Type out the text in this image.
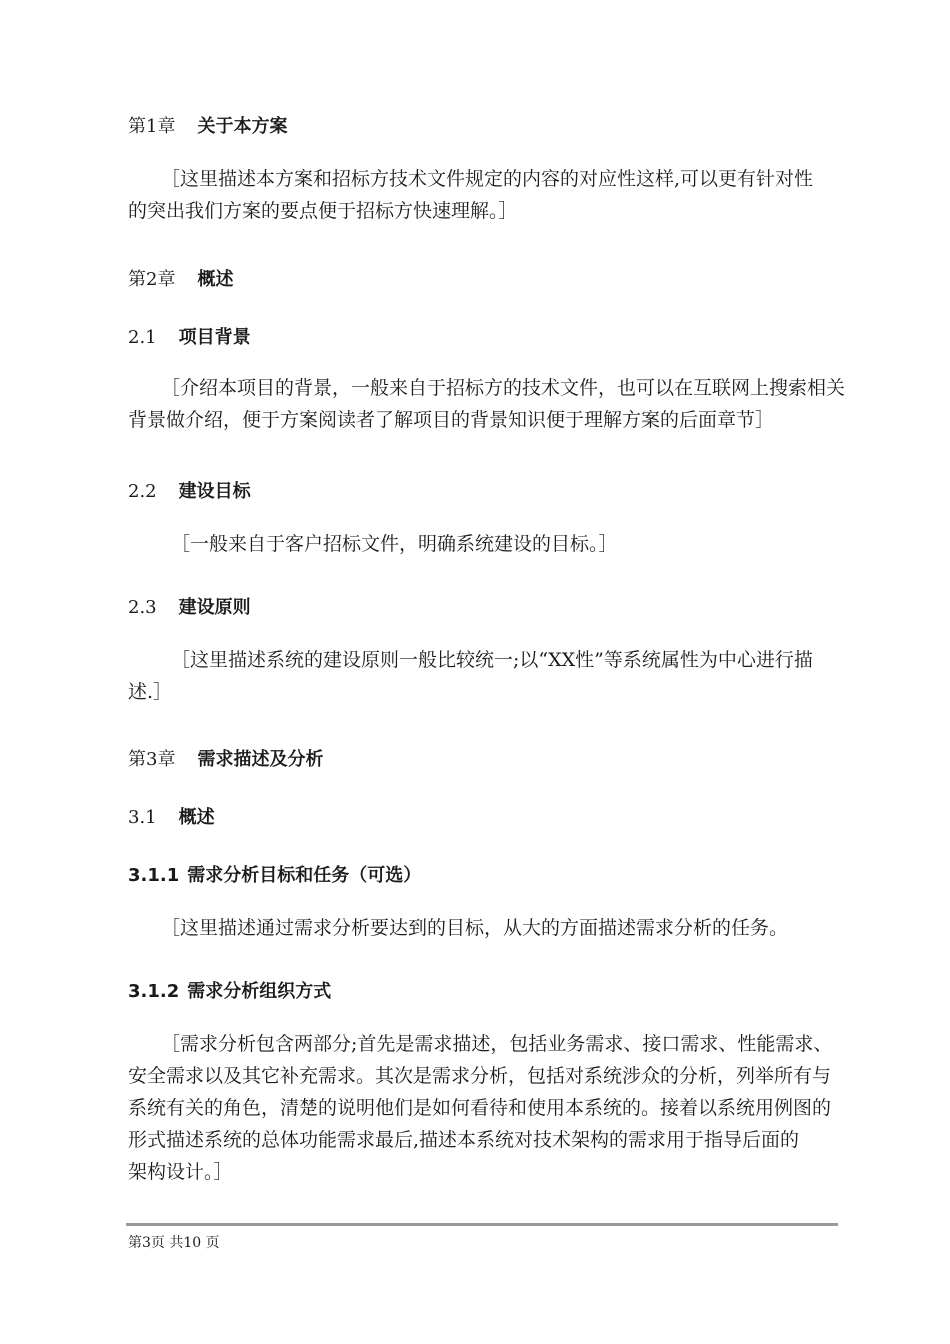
第1章 关于本方案
［这里描述本方案和招标方技术文件规定的内容的对应性这样,可以更有针对性
的突出我们方案的要点便于招标方快速理解。］
第2章 概述
2.1 项目背景
［介绍本项目的背景，一般来自于招标方的技术文件，也可以在互联网上搜索相关
背景做介绍，便于方案阅读者了解项目的背景知识便于理解方案的后面章节］
2.2 建设目标
［一般来自于客户招标文件，明确系统建设的目标。］
2.3 建设原则
［这里描述系统的建设原则一般比较统一;以“XX性”等系统属性为中心进行描
述.］
第3章 需求描述及分析
3.1 概述
3.1.1 需求分析目标和任务（可选）
［这里描述通过需求分析要达到的目标，从大的方面描述需求分析的任务。
3.1.2 需求分析组织方式
［需求分析包含两部分;首先是需求描述，包括业务需求、接口需求、性能需求、
安全需求以及其它补充需求。其次是需求分析，包括对系统涉众的分析，列举所有与
系统有关的角色，清楚的说明他们是如何看待和使用本系统的。接着以系统用例图的
形式描述系统的总体功能需求最后,描述本系统对技术架构的需求用于指导后面的
架构设计。］
第3页 共10 页
